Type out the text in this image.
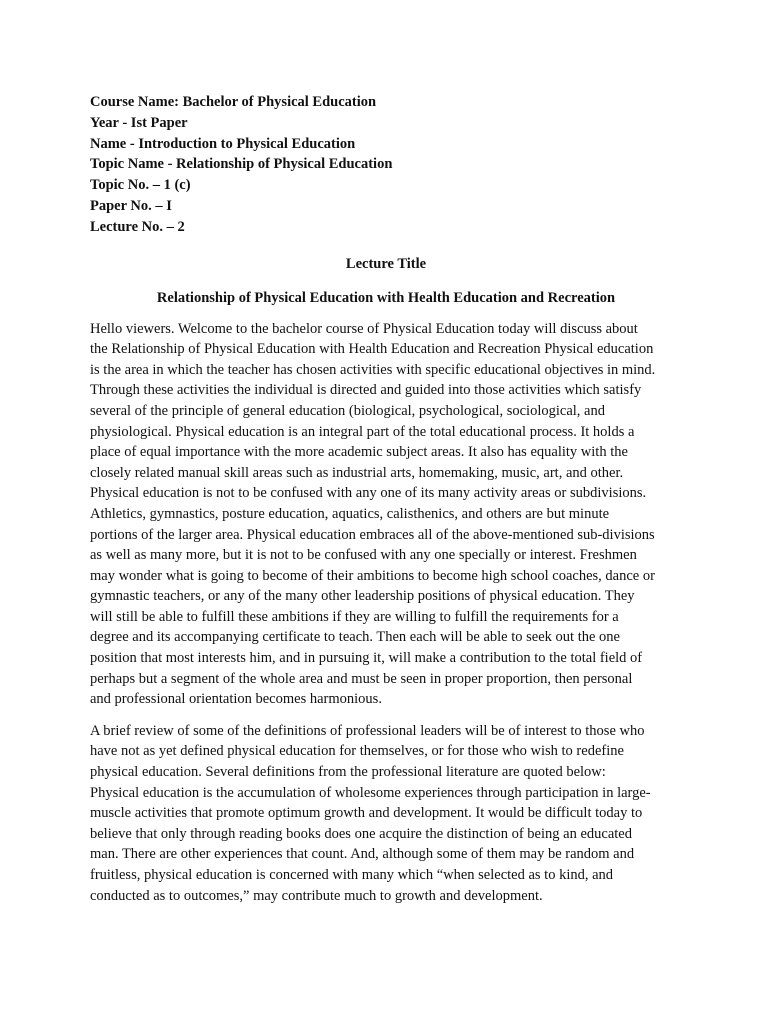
Course Name: Bachelor of Physical Education

Year - Ist Paper

Name - Introduction to Physical Education

Topic Name - Relationship of Physical Education

Topic No. – 1 (c)

Paper No. – I

Lecture No. – 2

Lecture Title
Relationship of Physical Education with Health Education and Recreation

Hello viewers. Welcome to the bachelor course of Physical Education today will discuss about
the Relationship of Physical Education with Health Education and Recreation Physical education
is the area in which the teacher has chosen activities with specific educational objectives in mind.
Through these activities the individual is directed and guided into those activities which satisfy
several of the principle of general education (biological, psychological, sociological, and
physiological. Physical education is an integral part of the total educational process. It holds a
place of equal importance with the more academic subject areas. It also has equality with the
closely related manual skill areas such as industrial arts, homemaking, music, art, and other.
Physical education is not to be confused with any one of its many activity areas or subdivisions.
Athletics, gymnastics, posture education, aquatics, calisthenics, and others are but minute
portions of the larger area. Physical education embraces all of the above-mentioned sub-divisions
as well as many more, but it is not to be confused with any one specially or interest. Freshmen
may wonder what is going to become of their ambitions to become high school coaches, dance or
gymnastic teachers, or any of the many other leadership positions of physical education. They
will still be able to fulfill these ambitions if they are willing to fulfill the requirements for a
degree and its accompanying certificate to teach. Then each will be able to seek out the one
position that most interests him, and in pursuing it, will make a contribution to the total field of
perhaps but a segment of the whole area and must be seen in proper proportion, then personal
and professional orientation becomes harmonious.

A brief review of some of the definitions of professional leaders will be of interest to those who
have not as yet defined physical education for themselves, or for those who wish to redefine
physical education. Several definitions from the professional literature are quoted below:
Physical education is the accumulation of wholesome experiences through participation in large-
muscle activities that promote optimum growth and development. It would be difficult today to
believe that only through reading books does one acquire the distinction of being an educated
man. There are other experiences that count. And, although some of them may be random and
fruitless, physical education is concerned with many which “when selected as to kind, and
conducted as to outcomes,” may contribute much to growth and development.
